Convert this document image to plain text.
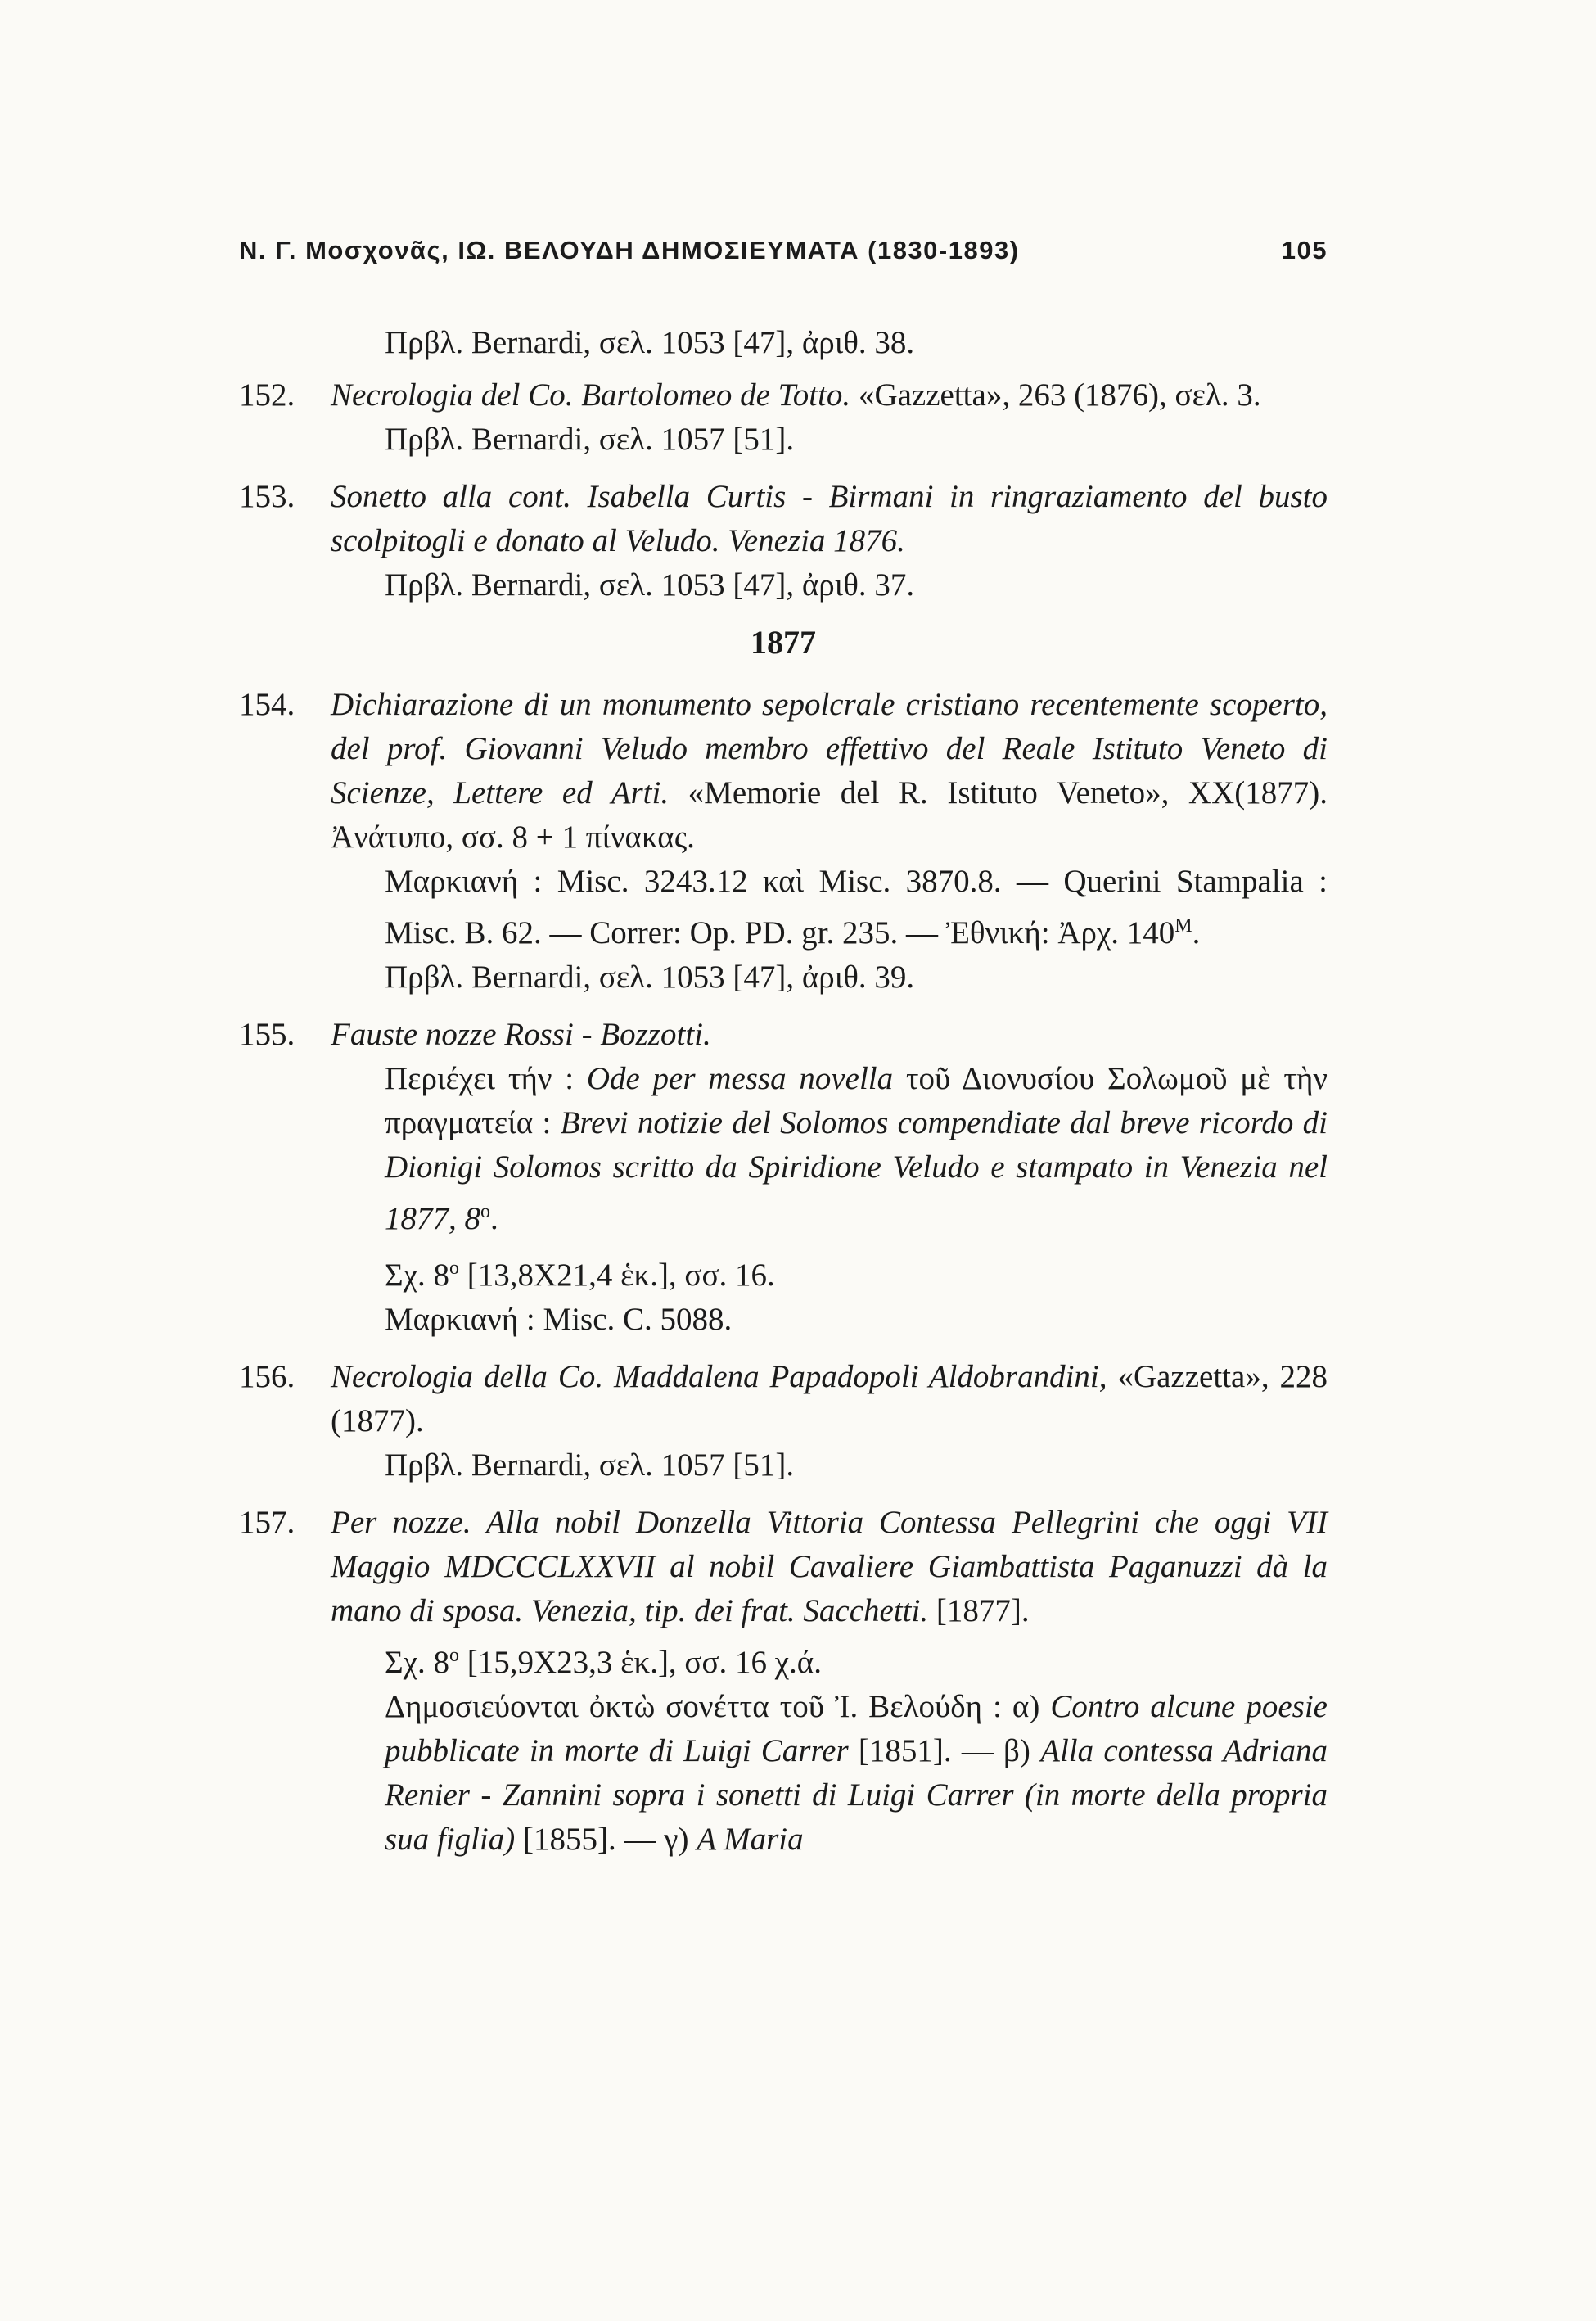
Ν. Γ. Μοσχονᾶς, ΙΩ. ΒΕΛΟΥΔΗ ΔΗΜΟΣΙΕΥΜΑΤΑ (1830-1893)	105
Πρβλ. Bernardi, σελ. 1053 [47], ἀριθ. 38.
152. Necrologia del Co. Bartolomeo de Totto. «Gazzetta», 263 (1876), σελ. 3.
Πρβλ. Bernardi, σελ. 1057 [51].
153. Sonetto alla cont. Isabella Curtis - Birmani in ringraziamento del busto scolpitogli e donato al Veludo. Venezia 1876.
Πρβλ. Bernardi, σελ. 1053 [47], ἀριθ. 37.
1877
154. Dichiarazione di un monumento sepolcrale cristiano recentemente scoperto, del prof. Giovanni Veludo membro effettivo del Reale Istituto Veneto di Scienze, Lettere ed Arti. «Memorie del R. Istituto Veneto», XX(1877). Ἀνάτυπο, σσ. 8 + 1 πίνακας.
Μαρκιανή : Misc. 3243.12 καὶ Misc. 3870.8. — Querini Stampalia : Misc. B. 62. — Correr: Op. PD. gr. 235. — Ἐθνική: Ἀρχ. $140^M$.
Πρβλ. Bernardi, σελ. 1053 [47], ἀριθ. 39.
155. Fauste nozze Rossi - Bozzotti.
Περιέχει τήν : Ode per messa novella τοῦ Διονυσίου Σολωμοῦ μὲ τὴν πραγματεία : Brevi notizie del Solomos compendiate dal breve ricordo di Dionigi Solomos scritto da Spiridione Veludo e stampato in Venezia nel 1877, $8^o$.
Σχ. $8^o$ [13,8X21,4 ἑκ.], σσ. 16.
Μαρκιανή : Misc. C. 5088.
156. Necrologia della Co. Maddalena Papadopoli Aldobrandini, «Gazzetta», 228 (1877).
Πρβλ. Bernardi, σελ. 1057 [51].
157. Per nozze. Alla nobil Donzella Vittoria Contessa Pellegrini che oggi VII Maggio MDCCCLXXVII al nobil Cavaliere Giambattista Paganuzzi dà la mano di sposa. Venezia, tip. dei frat. Sacchetti. [1877].
Σχ. $8^o$ [15,9X23,3 ἑκ.], σσ. 16 χ.ά.
Δημοσιεύονται ὀκτὼ σονέττα τοῦ Ἰ. Βελούδη : α) Contro alcune poesie pubblicate in morte di Luigi Carrer [1851]. — β) Alla contessa Adriana Renier - Zannini sopra i sonetti di Luigi Carrer (in morte della propria sua figlia) [1855]. — γ) A Maria
